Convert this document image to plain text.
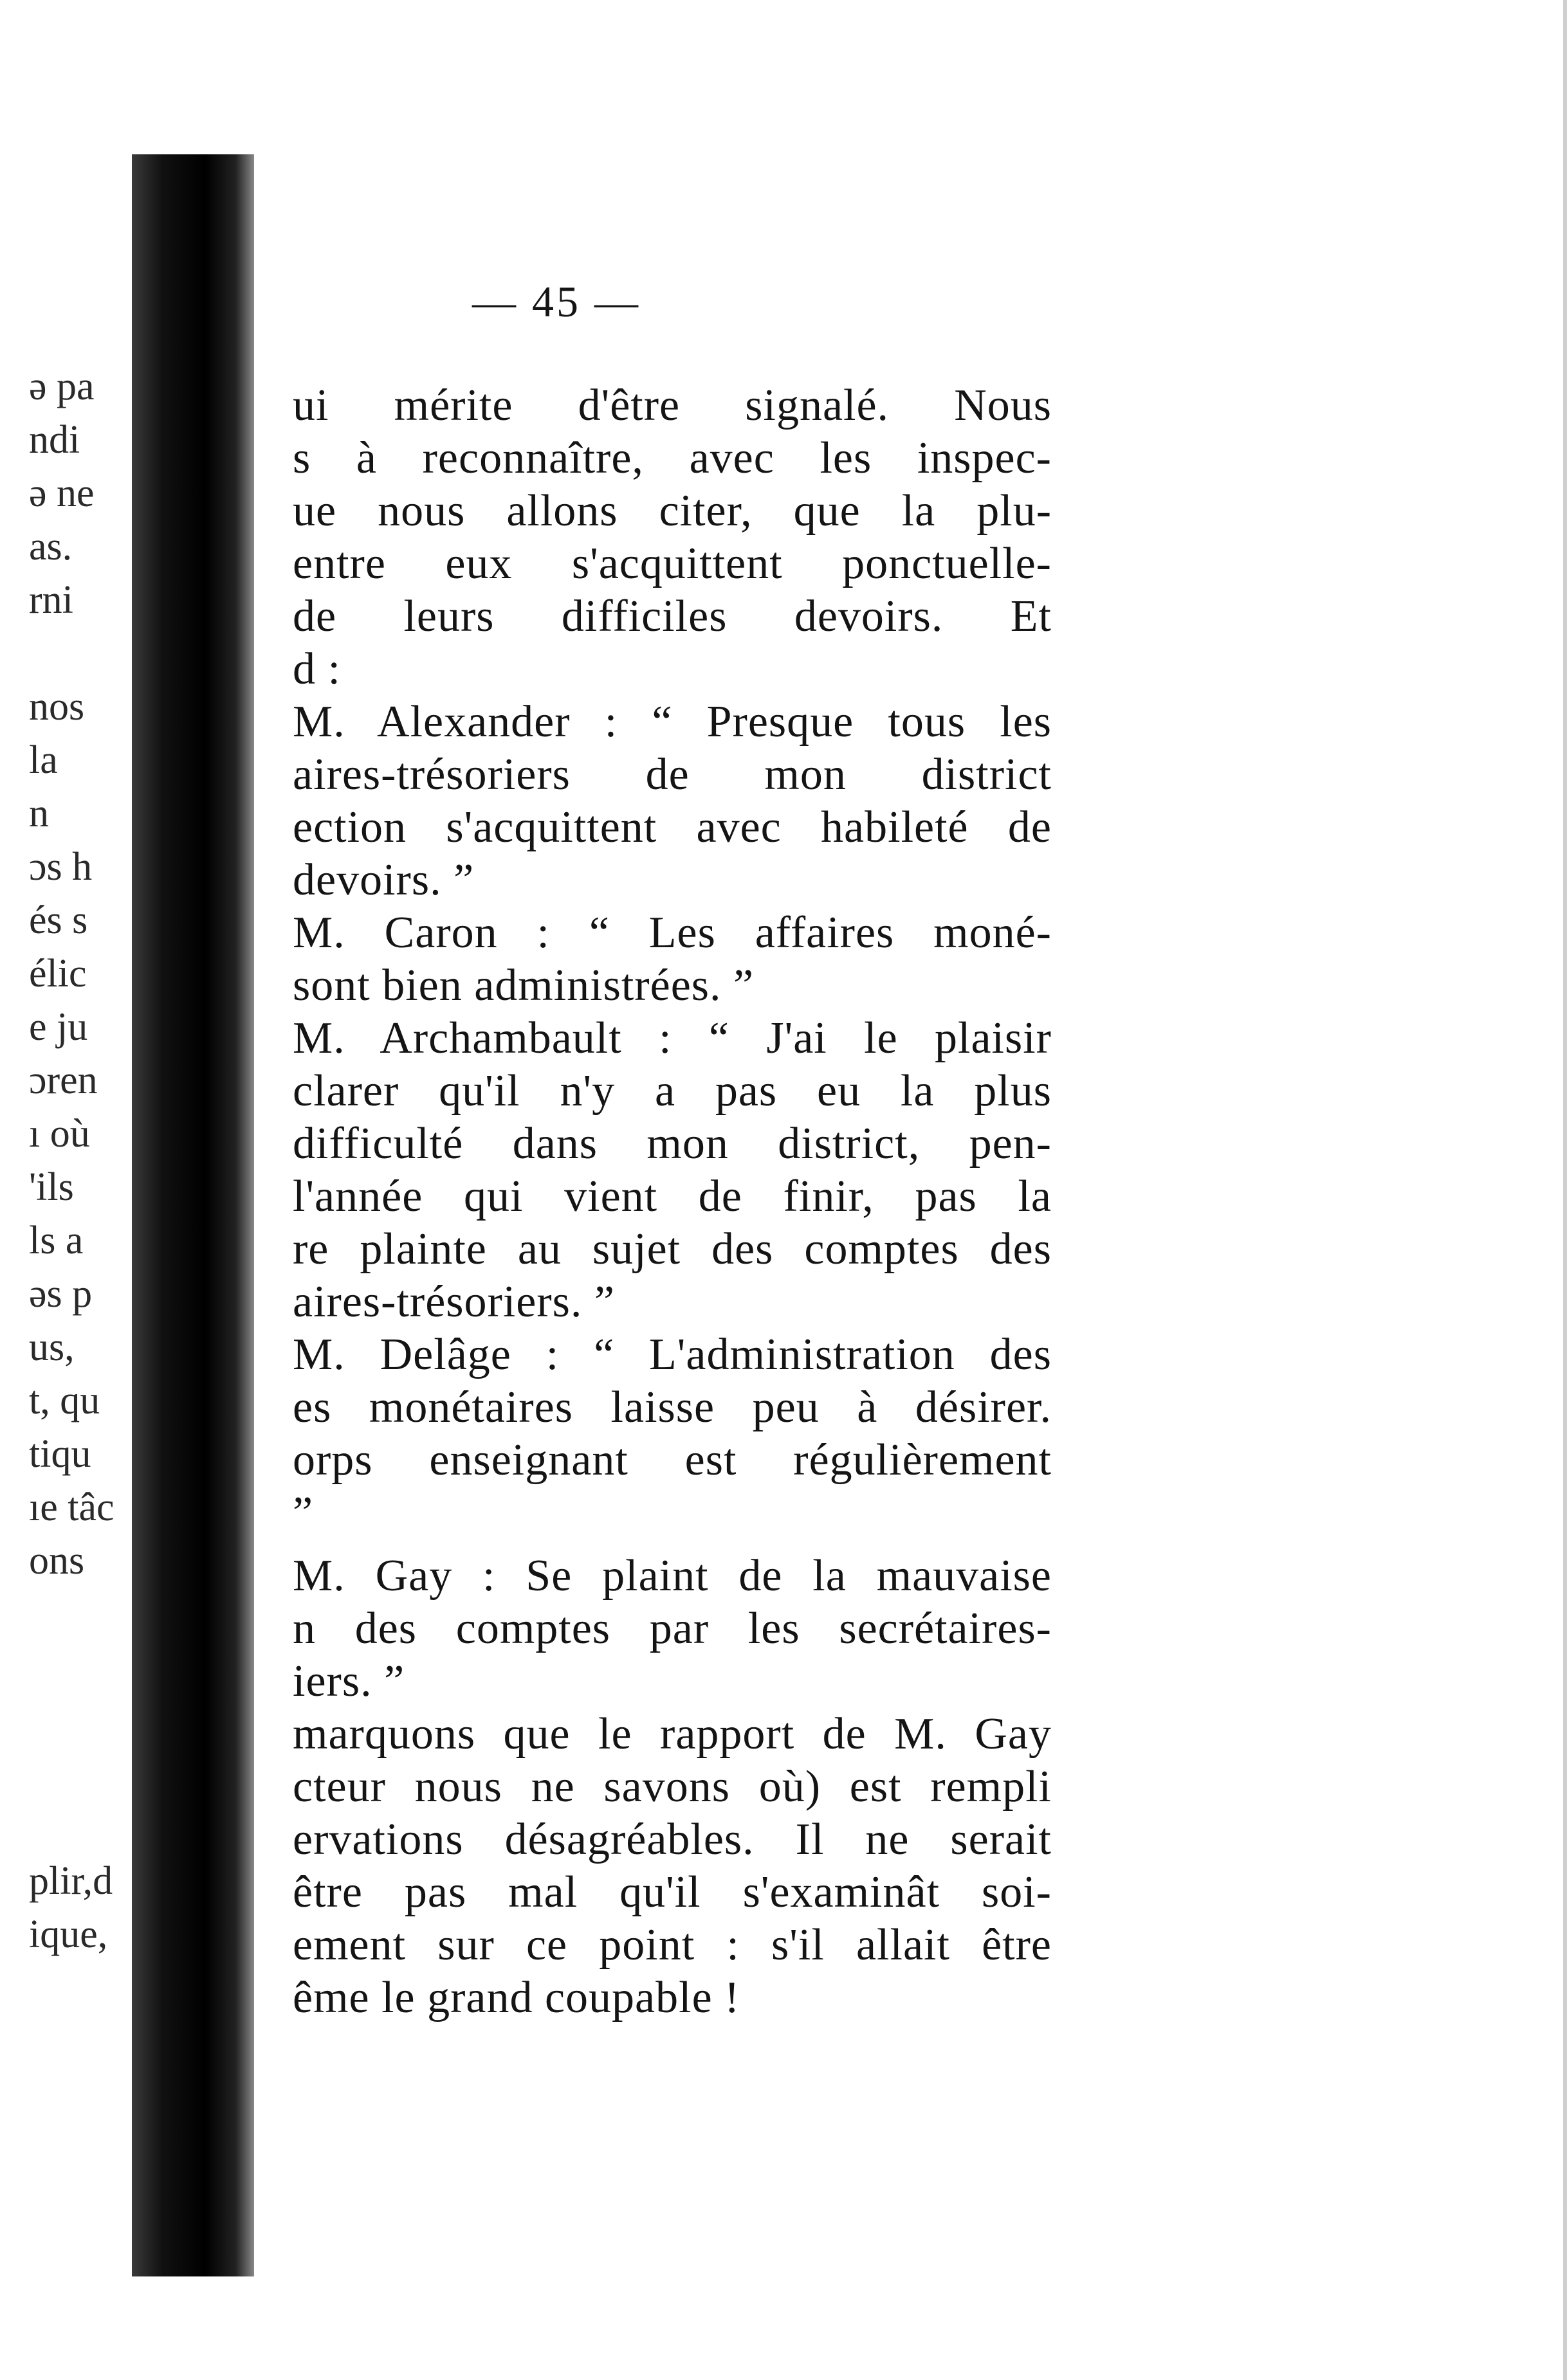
ə pa
ndi
ə ne
as.
rni
nos
la
n
ɔs h
és s
élic
e ju
ɔren
ı où
'ils
ls a
əs p
us,
t, qu
tiqu
ıe tâc
ons
plir,d
ique,
— 45 —
ui mérite d'être signalé. Nous
s à reconnaître, avec les inspec-
ue nous allons citer, que la plu-
entre eux s'acquittent ponctuelle-
de leurs difficiles devoirs. Et
d :
M. Alexander : “ Presque tous les
aires-trésoriers de mon district
ection s'acquittent avec habileté de
devoirs. ”
M. Caron : “ Les affaires moné-
sont bien administrées. ”
M. Archambault : “ J'ai le plaisir
clarer qu'il n'y a pas eu la plus
difficulté dans mon district, pen-
l'année qui vient de finir, pas la
re plainte au sujet des comptes des
aires-trésoriers. ”
M. Delâge : “ L'administration des
es monétaires laisse peu à désirer.
orps enseignant est régulièrement
”
M. Gay : Se plaint de la mauvaise
n des comptes par les secrétaires-
iers. ”
marquons que le rapport de M. Gay
cteur nous ne savons où) est rempli
ervations désagréables. Il ne serait
être pas mal qu'il s'examinât soi-
ement sur ce point : s'il allait être
ême le grand coupable !
